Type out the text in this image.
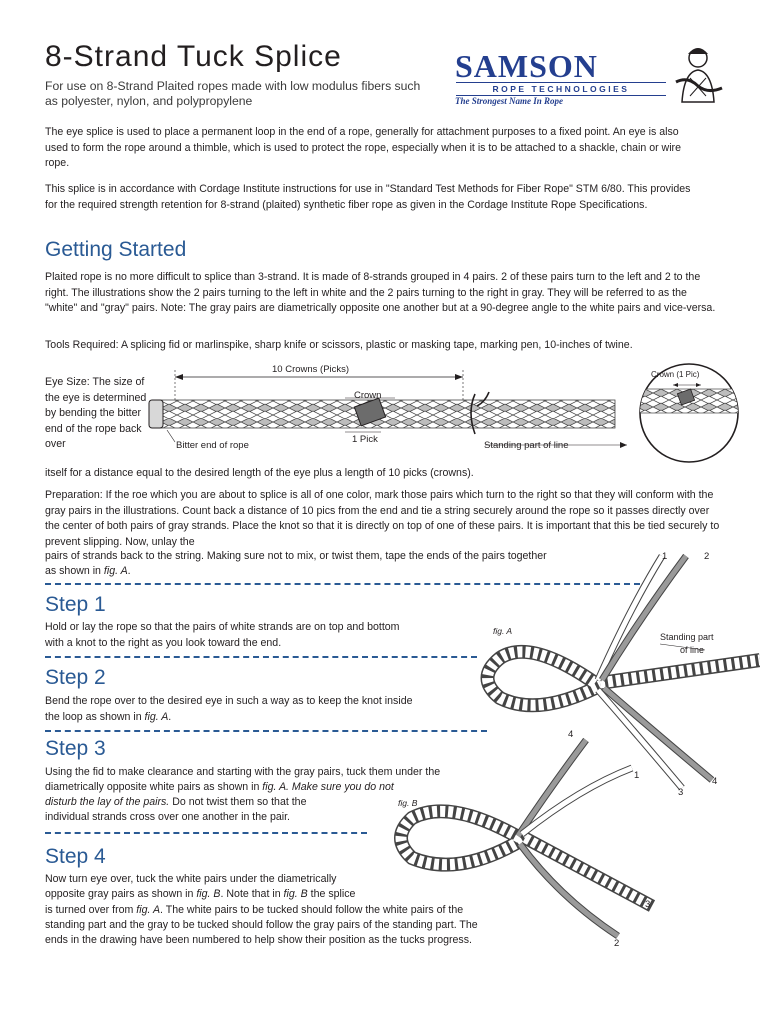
8-Strand Tuck Splice
For use on 8-Strand Plaited ropes made with low modulus fibers such as polyester, nylon, and polypropylene
SAMSON
ROPE TECHNOLOGIES
The Strongest Name In Rope
The eye splice is used to place a permanent loop in the end of a rope, generally for attachment purposes to a fixed point. An eye is also used to form the rope around a thimble, which is used to protect the rope, especially when it is to be attached to a shackle, chain or wire rope.
This splice is in accordance with Cordage Institute instructions for use in "Standard Test Methods for Fiber Rope" STM 6/80. This provides for the required strength retention for 8-strand (plaited) synthetic fiber rope as given in the Cordage Institute Rope Specifications.
Getting Started
Plaited rope is no more difficult to splice than 3-strand. It is made of 8-strands grouped in 4 pairs. 2 of these pairs turn to the left and 2 to the right. The illustrations show the 2 pairs turning to the left in white and the 2 pairs turning to the right in gray. They will be referred to as the "white" and "gray" pairs. Note: The gray pairs are diametrically opposite one another but at a 90-degree angle to the white pairs and vice-versa.
Tools Required: A splicing fid or marlinspike, sharp knife or scissors, plastic or masking tape, marking pen, 10-inches of twine.
Eye Size: The size of the eye is determined by bending the bitter end of the rope back over
itself for a distance equal to the desired length of the eye plus a length of 10 picks (crowns).
10 Crowns (Picks)
Crown
1 Pick
Bitter end of rope	Standing part of line
Crown (1 Pic)
Preparation: If the roe which you are about to splice is all of one color, mark those pairs which turn to the right so that they will conform with the gray pairs in the illustrations. Count back a distance of 10 pics from the end and tie a string securely around the rope so it passes directly over the center of both pairs of gray strands. Place the knot so that it is directly on top of one of these pairs. It is important that this be tied securely to prevent slipping. Now, unlay the
pairs of strands back to the string. Making sure not to mix, or twist them, tape the ends of the pairs together
as shown in fig. A.
Step 1
Hold or lay the rope so that the pairs of white strands are on top and bottom
with a knot to the right as you look toward the end.
Step 2
Bend the rope over to the desired eye in such a way as to keep the knot inside
the loop as shown in fig. A.
Step 3
Using the fid to make clearance and starting with the gray pairs, tuck them under the
diametrically opposite white pairs as shown in fig. A. Make sure you do not
disturb the lay of the pairs. Do not twist them so that the
individual strands cross over one another in the pair.
Step 4
Now turn eye over, tuck the white pairs under the diametrically
opposite gray pairs as shown in fig. B. Note that in fig. B the splice
is turned over from fig. A. The white pairs to be tucked should follow the white pairs of the
standing part and the gray to be tucked should follow the gray pairs of the standing part. The
ends in the drawing have been numbered to help show their position as the tucks progress.
fig. A
Standing part
of line
1	2
3
4
fig. B
4
1
3
2
